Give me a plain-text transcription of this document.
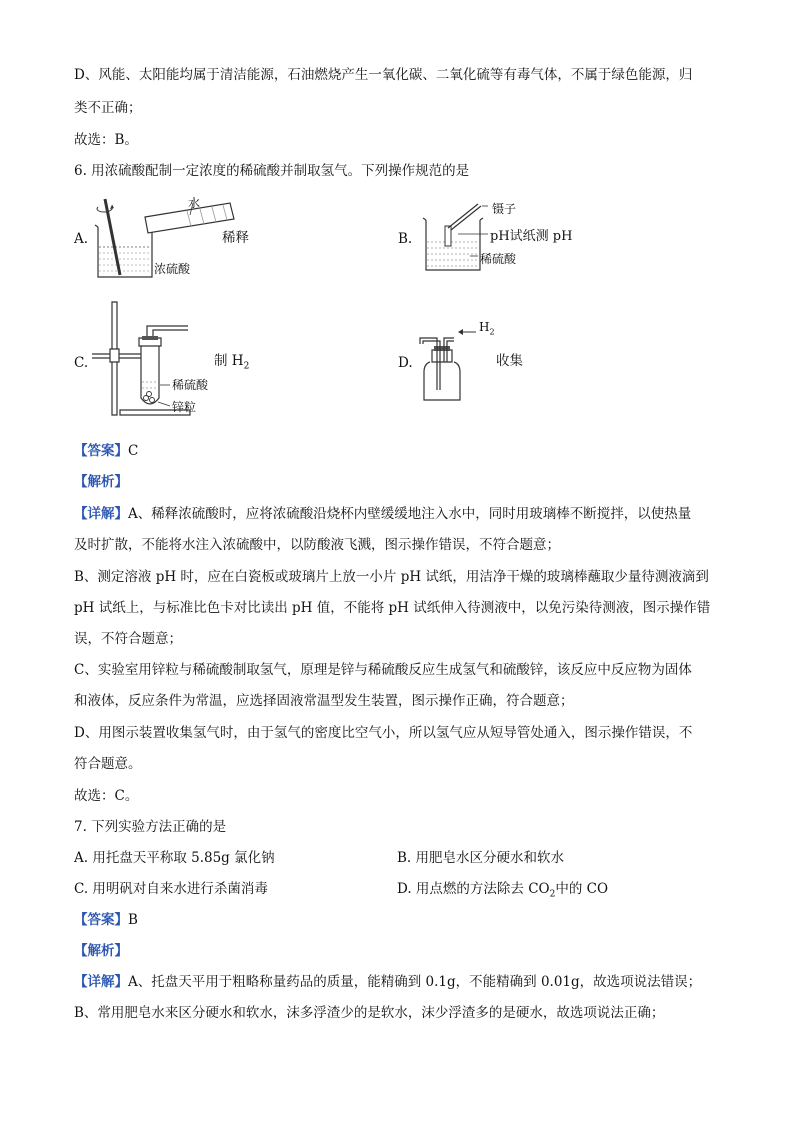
D、风能、太阳能均属于清洁能源，石油燃烧产生一氧化碳、二氧化硫等有毒气体，不属于绿色能源，归
类不正确；
故选：B。
6. 用浓硫酸配制一定浓度的稀硫酸并制取氢气。下列操作规范的是
A.
水
稀释
浓硫酸
B.
镊子
pH试纸测 pH
稀硫酸
C.	制 $H_2$
稀硫酸
锌粒
D.
$H_2$
收集
【答案】C
【解析】
【详解】A、稀释浓硫酸时，应将浓硫酸沿烧杯内壁缓缓地注入水中，同时用玻璃棒不断搅拌，以使热量
及时扩散，不能将水注入浓硫酸中，以防酸液飞溅，图示操作错误，不符合题意；
B、测定溶液 pH 时，应在白瓷板或玻璃片上放一小片 pH 试纸，用洁净干燥的玻璃棒蘸取少量待测液滴到
pH 试纸上，与标准比色卡对比读出 pH 值，不能将 pH 试纸伸入待测液中，以免污染待测液，图示操作错
误，不符合题意；
C、实验室用锌粒与稀硫酸制取氢气，原理是锌与稀硫酸反应生成氢气和硫酸锌，该反应中反应物为固体
和液体，反应条件为常温，应选择固液常温型发生装置，图示操作正确，符合题意；
D、用图示装置收集氢气时，由于氢气的密度比空气小，所以氢气应从短导管处通入，图示操作错误，不
符合题意。
故选：C。
7. 下列实验方法正确的是
A. 用托盘天平称取 5.85g 氯化钠	B. 用肥皂水区分硬水和软水
C. 用明矾对自来水进行杀菌消毒	D. 用点燃的方法除去 $CO_2$中的 CO
【答案】B
【解析】
【详解】A、托盘天平用于粗略称量药品的质量，能精确到 0.1g，不能精确到 0.01g，故选项说法错误；
B、常用肥皂水来区分硬水和软水，沫多浮渣少的是软水，沫少浮渣多的是硬水，故选项说法正确；
